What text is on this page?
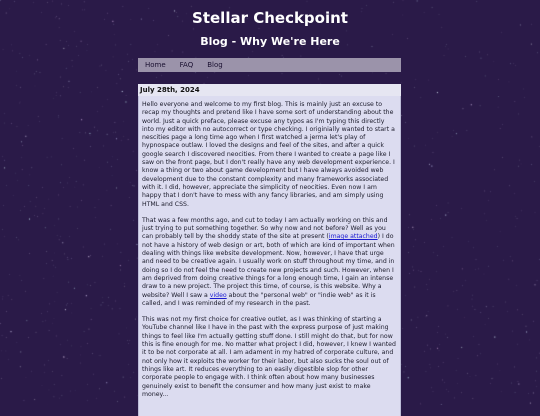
Stellar Checkpoint
Blog - Why We're Here
Home FAQ Blog
July 28th, 2024

Hello everyone and welcome to my first blog. This is mainly just an excuse to recap my thoughts and pretend like I have some sort of understanding about the world. Just a quick preface, please excuse any typos as I'm typing this directly into my editor with no autocorrect or type checking. I originially wanted to start a nescities page a long time ago when I first watched a jerma let's play of hypnospace outlaw. I loved the designs and feel of the sites, and after a quick google search I discovered neocities. From there I wanted to create a page like I saw on the front page, but I don't really have any web development experience. I know a thing or two about game development but I have always avoided web development due to the constant complexity and many frameworks associated with it. I did, however, appreciate the simplicity of neocities. Even now I am happy that I don't have to mess with any fancy libraries, and am simply using HTML and CSS.

That was a few months ago, and cut to today I am actually working on this and just trying to put something together. So why now and not before? Well as you can probably tell by the shoddy state of the site at present (image attached) I do not have a history of web design or art, both of which are kind of important when dealing with things like website development. Now, however, I have that urge and need to be creative again. I usually work on stuff throughout my time, and in doing so I do not feel the need to create new projects and such. However, when I am deprived from doing creative things for a long enough time, I gain an intense draw to a new project. The project this time, of course, is this website. Why a website? Well I saw a video about the "personal web" or "indie web" as it is called, and I was reminded of my research in the past.

This was not my first choice for creative outlet, as I was thinking of starting a YouTube channel like I have in the past with the express purpose of just making things to feel like I'm actually getting stuff done. I still might do that, but for now this is fine enough for me. No matter what project I did, however, I knew I wanted it to be not corporate at all. I am adament in my hatred of corporate culture, and not only how it exploits the worker for their labor, but also sucks the soul out of things like art. It reduces everything to an easily digestible slop for other corporate people to engage with. I think often about how many businesses genuinely exist to benefit the consumer and how many just exist to make money...
